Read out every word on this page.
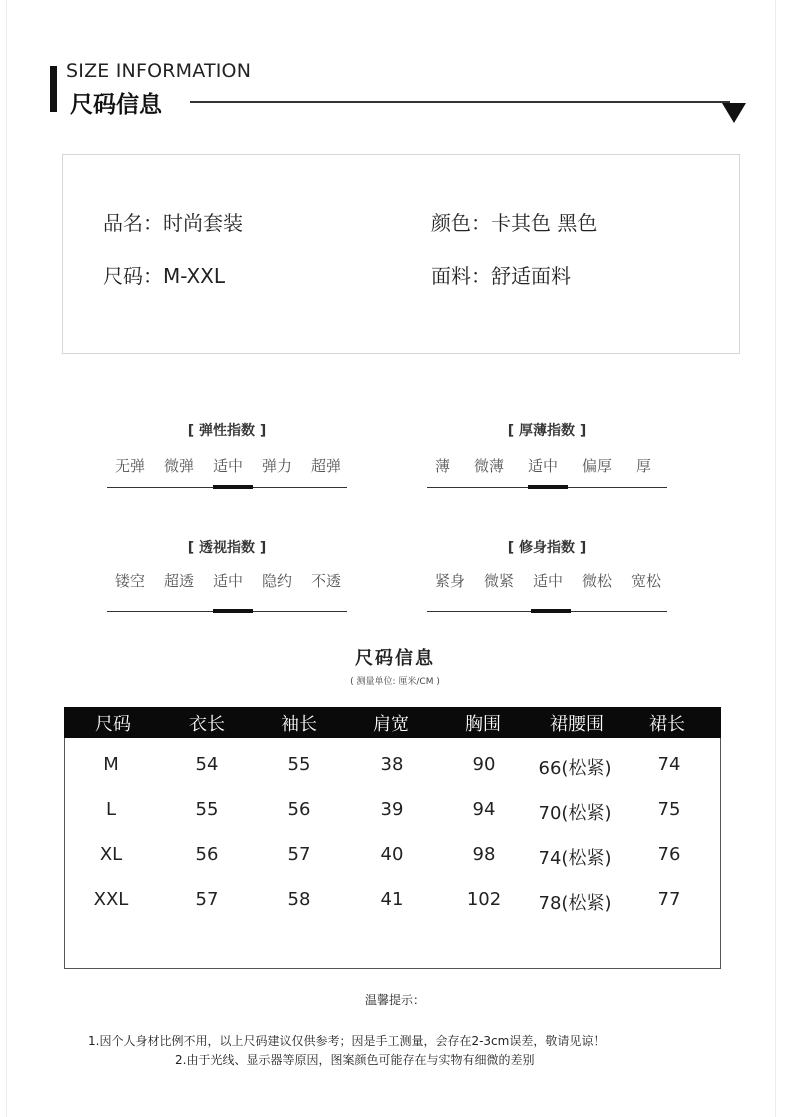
SIZE INFORMATION
尺码信息
品名：时尚套装	颜色：卡其色 黑色
尺码：M-XXL	面料：舒适面料
[ 弹性指数 ]
无弹 微弹 适中 弹力 超弹
[ 厚薄指数 ]
薄 微薄 适中 偏厚 厚
[ 透视指数 ]
镂空 超透 适中 隐约 不透
[ 修身指数 ]
紧身 微紧 适中 微松 宽松
尺码信息
( 测量单位: 厘米/CM )
尺码	衣长	袖长	肩宽	胸围	裙腰围	裙长
M	54	55	38	90	66(松紧)	74
L	55	56	39	94	70(松紧)	75
XL	56	57	40	98	74(松紧)	76
XXL	57	58	41	102	78(松紧)	77
温馨提示：
1.因个人身材比例不用，以上尺码建议仅供参考；因是手工测量，会存在2-3cm误差，敬请见谅！
2.由于光线、显示器等原因，图案颜色可能存在与实物有细微的差别
